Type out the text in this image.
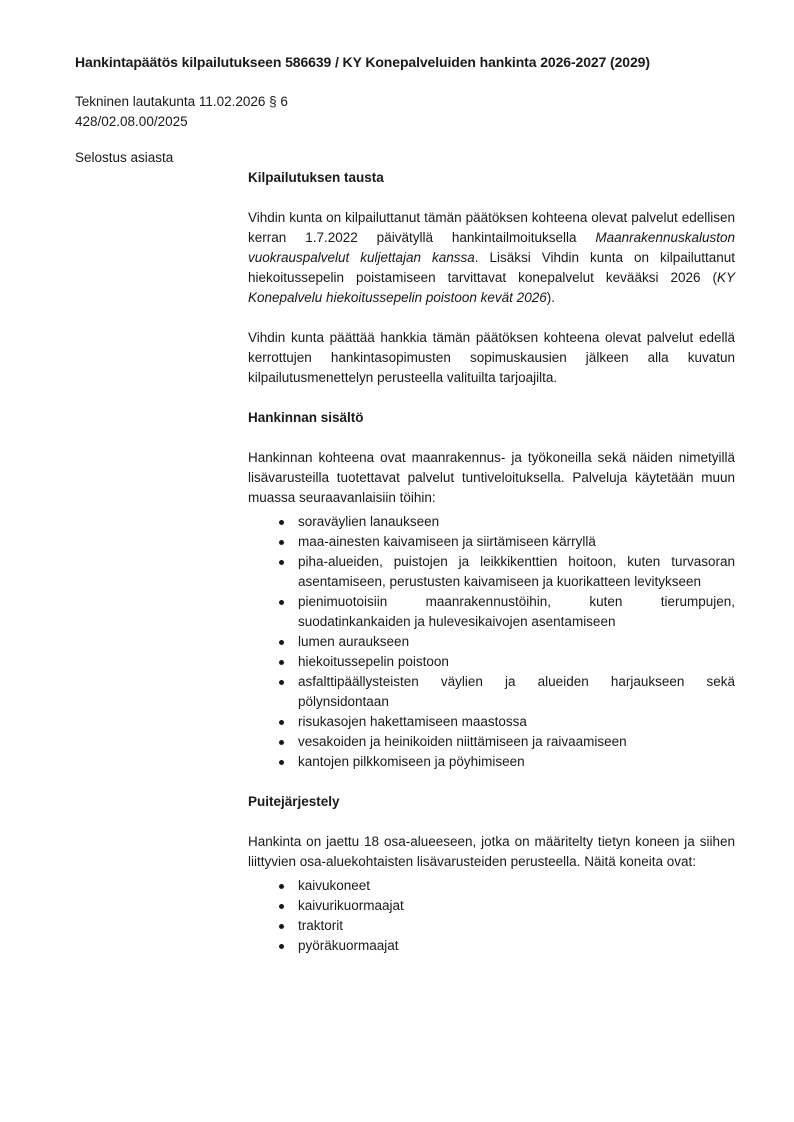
Hankintapäätös kilpailutukseen 586639 / KY Konepalveluiden hankinta 2026-2027 (2029)
Tekninen lautakunta 11.02.2026 § 6
428/02.08.00/2025
Selostus asiasta
Kilpailutuksen tausta

Vihdin kunta on kilpailuttanut tämän päätöksen kohteena olevat palvelut edellisen kerran 1.7.2022 päivätyllä hankintailmoituksella Maanrakennuskaluston vuokrauspalvelut kuljettajan kanssa. Lisäksi Vihdin kunta on kilpailuttanut hiekoitussepelin poistamiseen tarvittavat konepalvelut kevääksi 2026 (KY Konepalvelu hiekoitussepelin poistoon kevät 2026).

Vihdin kunta päättää hankkia tämän päätöksen kohteena olevat palvelut edellä kerrottujen hankintasopimusten sopimuskausien jälkeen alla kuvatun kilpailutusmenettelyn perusteella valituilta tarjoajilta.

Hankinnan sisältö

Hankinnan kohteena ovat maanrakennus- ja työkoneilla sekä näiden nimetyillä lisävarusteilla tuotettavat palvelut tuntiveloituksella. Palveluja käytetään muun muassa seuraavanlaisiin töihin:

soraväylien lanaukseen
maa-ainesten kaivamiseen ja siirtämiseen kärryllä
piha-alueiden, puistojen ja leikkikenttien hoitoon, kuten turvasoran asentamiseen, perustusten kaivamiseen ja kuorikatteen levitykseen
pienimuotoisiin maanrakennustöihin, kuten tierumpujen, suodatinkankaiden ja hulevesikaivojen asentamiseen
lumen auraukseen
hiekoitussepelin poistoon
asfalttipäällysteisten väylien ja alueiden harjaukseen sekä pölynsidontaan
risukasojen hakettamiseen maastossa
vesakoiden ja heinikoiden niittämiseen ja raivaamiseen
kantojen pilkkomiseen ja pöyhimiseen
Puitejärjestely

Hankinta on jaettu 18 osa-alueeseen, jotka on määritelty tietyn koneen ja siihen liittyvien osa-aluekohtaisten lisävarusteiden perusteella. Näitä koneita ovat:

kaivukoneet
kaivurikuormaajat
traktorit
pyöräkuormaajat
